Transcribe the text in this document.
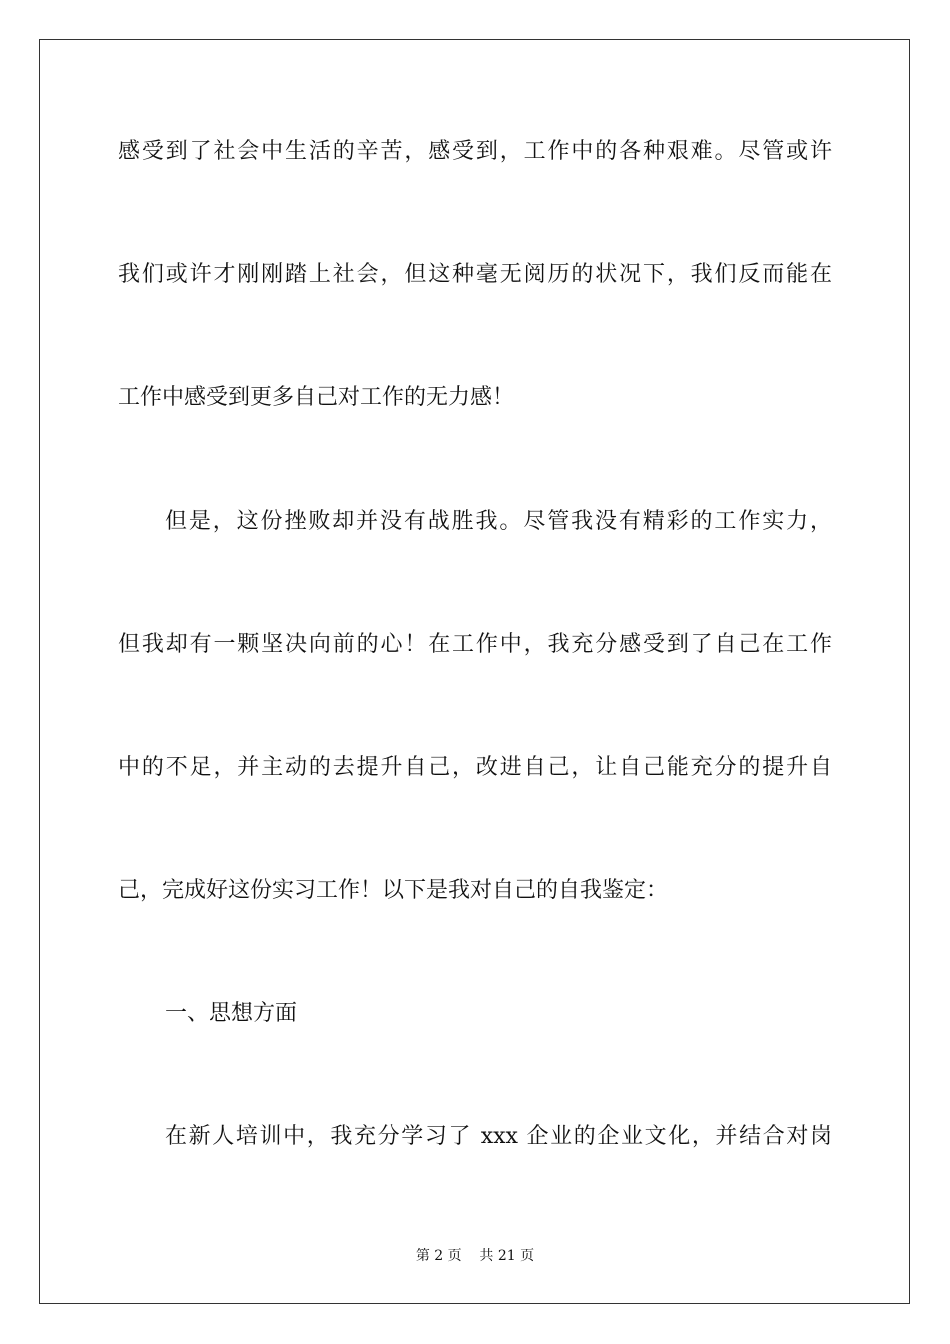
感受到了社会中生活的辛苦，感受到，工作中的各种艰难。尽管或许

我们或许才刚刚踏上社会，但这种毫无阅历的状况下，我们反而能在

工作中感受到更多自己对工作的无力感！

但是，这份挫败却并没有战胜我。尽管我没有精彩的工作实力，

但我却有一颗坚决向前的心！在工作中，我充分感受到了自己在工作

中的不足，并主动的去提升自己，改进自己，让自己能充分的提升自

己，完成好这份实习工作！以下是我对自己的自我鉴定：

一、思想方面

在新人培训中，我充分学习了 xxx 企业的企业文化，并结合对岗

第 2 页    共 21 页
